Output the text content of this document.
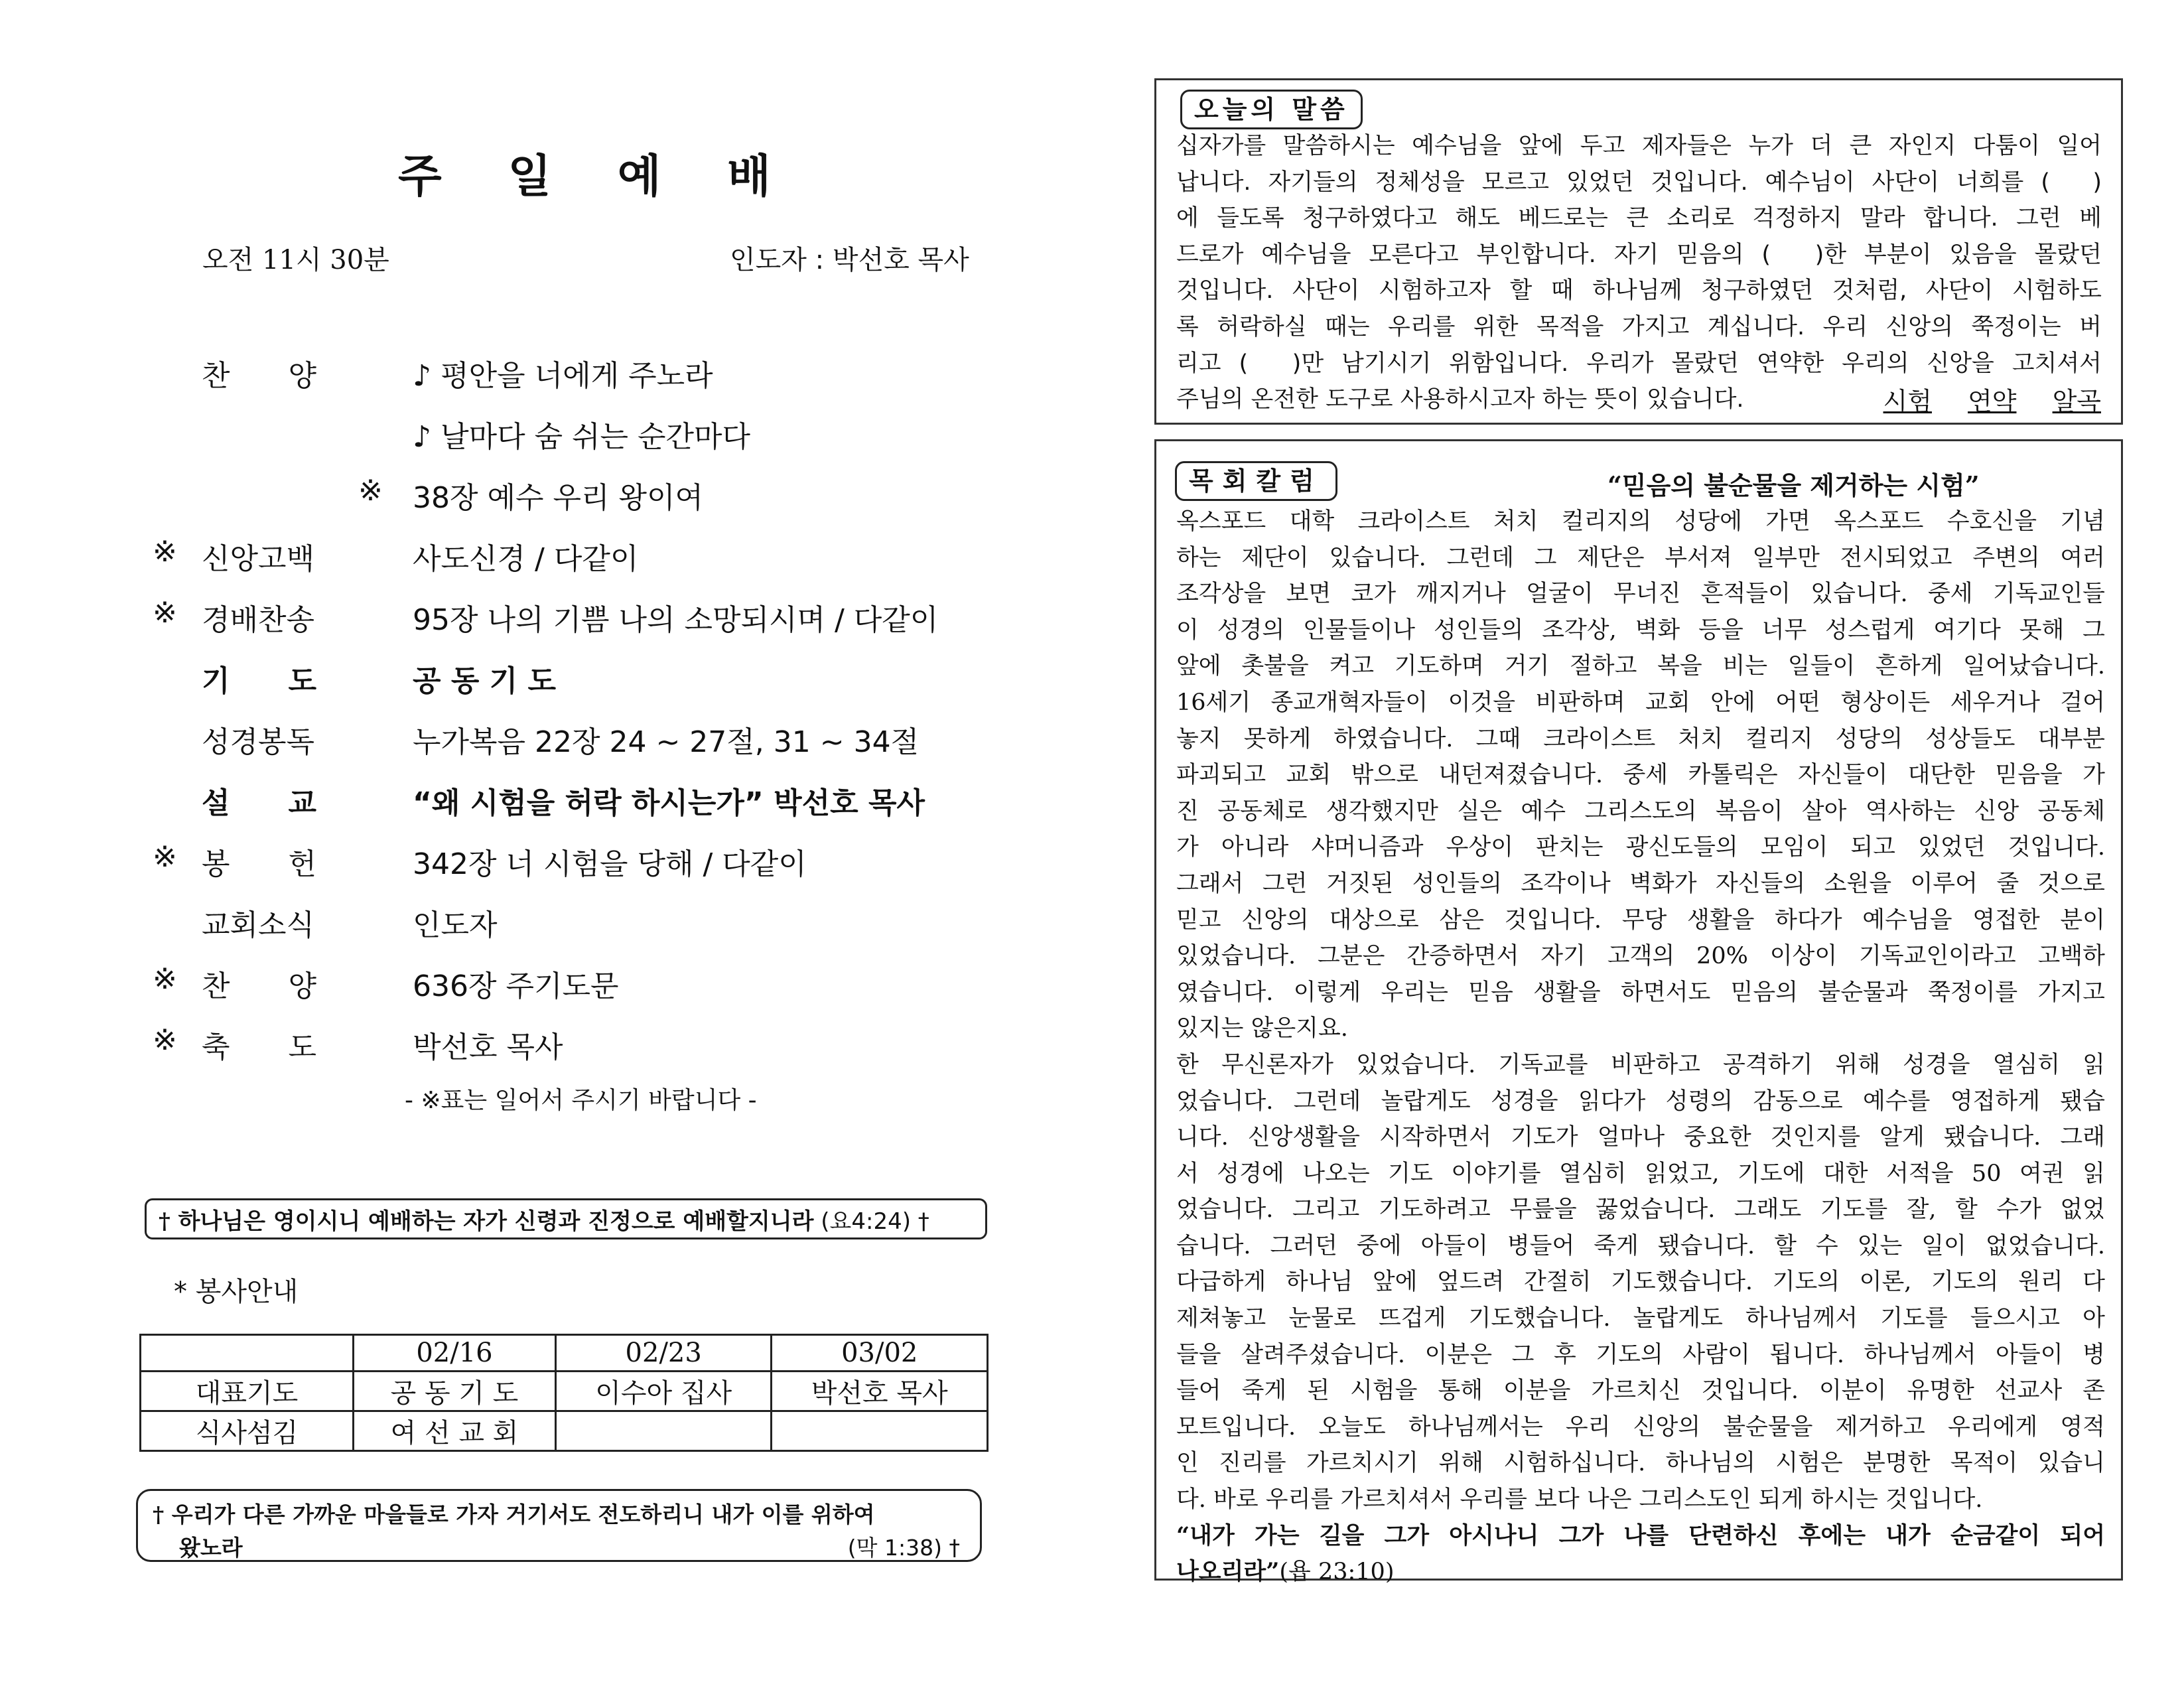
주 일 예 배
오전 11시 30분	인도자 : 박선호 목사
찬　　양	♪ 평안을 너에게 주노라
♪ 날마다 숨 쉬는 순간마다
※	38장 예수 우리 왕이여
※ 신앙고백	사도신경 / 다같이
※ 경배찬송	95장 나의 기쁨 나의 소망되시며 / 다같이
기　　도	공 동 기 도
성경봉독	누가복음 22장 24 ~ 27절, 31 ~ 34절
설　　교	“왜 시험을 허락 하시는가” 박선호 목사
※ 봉　　헌	342장 너 시험을 당해 / 다같이
교회소식	인도자
※ 찬　　양	636장 주기도문
※ 축　　도	박선호 목사
- ※표는 일어서 주시기 바랍니다 -
† 하나님은 영이시니 예배하는 자가 신령과 진정으로 예배할지니라
(요4:24) †
* 봉사안내
	02/16	02/23	03/02
대표기도	공 동 기 도	이수아 집사	박선호 목사
식사섬김	여 선 교 회		
† 우리가 다른 가까운 마을들로 가자 거기서도 전도하리니 내가 이를 위하여
왔노라	(막 1:38) †
오늘의 말씀
십자가를 말씀하시는 예수님을 앞에 두고 제자들은 누가 더 큰 자인지 다툼이 일어
납니다. 자기들의 정체성을 모르고 있었던 것입니다. 예수님이 사단이 너희를 (　)
에 들도록 청구하였다고 해도 베드로는 큰 소리로 걱정하지 말라 합니다. 그런 베
드로가 예수님을 모른다고 부인합니다. 자기 믿음의 (　)한 부분이 있음을 몰랐던
것입니다. 사단이 시험하고자 할 때 하나님께 청구하였던 것처럼, 사단이 시험하도
록 허락하실 때는 우리를 위한 목적을 가지고 계십니다. 우리 신앙의 쭉정이는 버
리고 (　)만 남기시기 위함입니다. 우리가 몰랐던 연약한 우리의 신앙을 고치셔서
주님의 온전한 도구로 사용하시고자 하는 뜻이 있습니다.	시험 연약 알곡
목회칼럼	“믿음의 불순물을 제거하는 시험”
옥스포드 대학 크라이스트 처치 컬리지의 성당에 가면 옥스포드 수호신을 기념
하는 제단이 있습니다. 그런데 그 제단은 부서져 일부만 전시되었고 주변의 여러
조각상을 보면 코가 깨지거나 얼굴이 무너진 흔적들이 있습니다. 중세 기독교인들
이 성경의 인물들이나 성인들의 조각상, 벽화 등을 너무 성스럽게 여기다 못해 그
앞에 촛불을 켜고 기도하며 거기 절하고 복을 비는 일들이 흔하게 일어났습니다.
16세기 종교개혁자들이 이것을 비판하며 교회 안에 어떤 형상이든 세우거나 걸어
놓지 못하게 하였습니다. 그때 크라이스트 처치 컬리지 성당의 성상들도 대부분
파괴되고 교회 밖으로 내던져졌습니다. 중세 카톨릭은 자신들이 대단한 믿음을 가
진 공동체로 생각했지만 실은 예수 그리스도의 복음이 살아 역사하는 신앙 공동체
가 아니라 샤머니즘과 우상이 판치는 광신도들의 모임이 되고 있었던 것입니다.
그래서 그런 거짓된 성인들의 조각이나 벽화가 자신들의 소원을 이루어 줄 것으로
믿고 신앙의 대상으로 삼은 것입니다. 무당 생활을 하다가 예수님을 영접한 분이
있었습니다. 그분은 간증하면서 자기 고객의 20% 이상이 기독교인이라고 고백하
였습니다. 이렇게 우리는 믿음 생활을 하면서도 믿음의 불순물과 쭉정이를 가지고
있지는 않은지요.
한 무신론자가 있었습니다. 기독교를 비판하고 공격하기 위해 성경을 열심히 읽
었습니다. 그런데 놀랍게도 성경을 읽다가 성령의 감동으로 예수를 영접하게 됐습
니다. 신앙생활을 시작하면서 기도가 얼마나 중요한 것인지를 알게 됐습니다. 그래
서 성경에 나오는 기도 이야기를 열심히 읽었고, 기도에 대한 서적을 50 여권 읽
었습니다. 그리고 기도하려고 무릎을 꿇었습니다. 그래도 기도를 잘, 할 수가 없었
습니다. 그러던 중에 아들이 병들어 죽게 됐습니다. 할 수 있는 일이 없었습니다.
다급하게 하나님 앞에 엎드려 간절히 기도했습니다. 기도의 이론, 기도의 원리 다
제쳐놓고 눈물로 뜨겁게 기도했습니다. 놀랍게도 하나님께서 기도를 들으시고 아
들을 살려주셨습니다. 이분은 그 후 기도의 사람이 됩니다. 하나님께서 아들이 병
들어 죽게 된 시험을 통해 이분을 가르치신 것입니다. 이분이 유명한 선교사 존
모트입니다. 오늘도 하나님께서는 우리 신앙의 불순물을 제거하고 우리에게 영적
인 진리를 가르치시기 위해 시험하십니다. 하나님의 시험은 분명한 목적이 있습니
다. 바로 우리를 가르치셔서 우리를 보다 나은 그리스도인 되게 하시는 것입니다.
“내가 가는 길을 그가 아시나니 그가 나를 단련하신 후에는 내가 순금같이 되어
나오리라”(욥 23:10)
